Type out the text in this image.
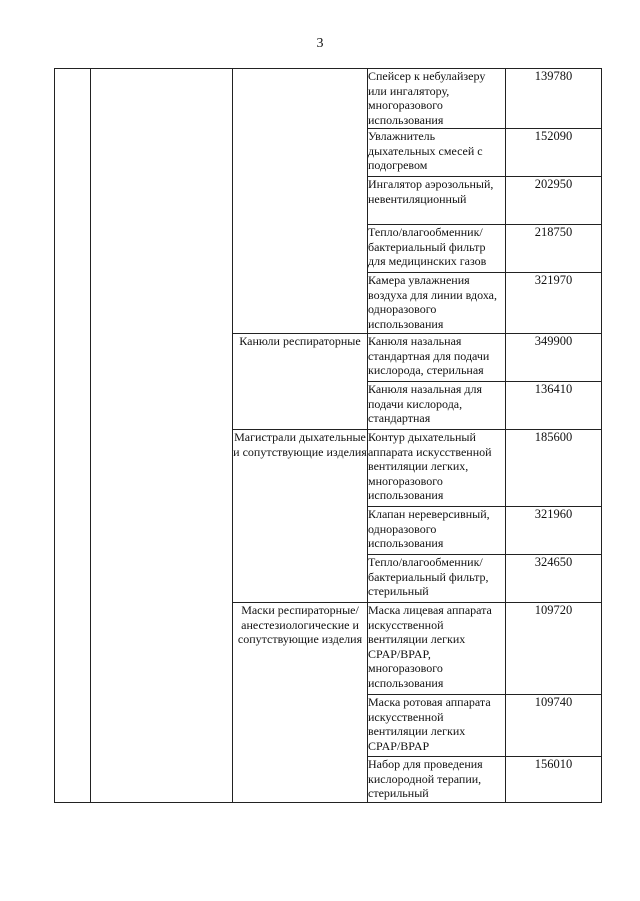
3
			Спейсер к небулайзеру или ингалятору, многоразового использования	139780
			Увлажнитель дыхательных смесей с подогревом	152090
			Ингалятор аэрозольный, невентиляционный	202950
			Тепло/влагообменник/ бактериальный фильтр для медицинских газов	218750
			Камера увлажнения воздуха для линии вдоха, одноразового использования	321970
		Канюли респираторные	Канюля назальная стандартная для подачи кислорода, стерильная	349900
			Канюля назальная для подачи кислорода, стандартная	136410
		Магистрали дыхательные и сопутствующие изделия	Контур дыхательный аппарата искусственной вентиляции легких, многоразового использования	185600
			Клапан нереверсивный, одноразового использования	321960
			Тепло/влагообменник/ бактериальный фильтр, стерильный	324650
		Маски респираторные/ анестезиологические и сопутствующие изделия	Маска лицевая аппарата искусственной вентиляции легких CPAP/BPAP, многоразового использования	109720
			Маска ротовая аппарата искусственной вентиляции легких CPAP/BPAP	109740
			Набор для проведения кислородной терапии, стерильный	156010
